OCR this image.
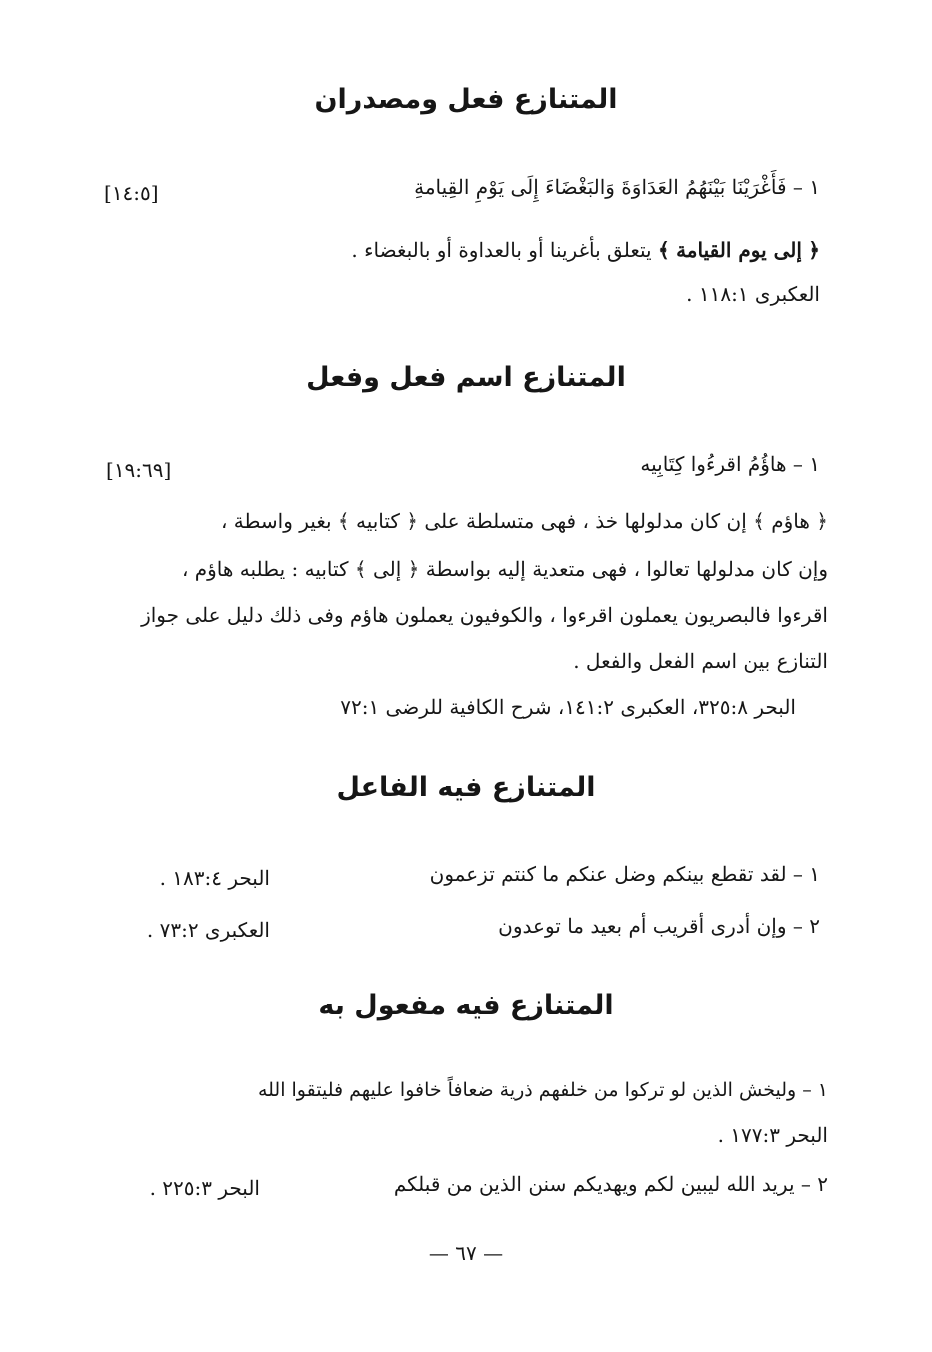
المتنازع فعل ومصدران
١ – فَأَغْرَيْنَا بَيْنَهُمُ العَدَاوَةَ وَالبَغْضَاءَ إِلَى يَوْمِ القِيامةِ
[١٤:٥]
﴿ إلى يوم القيامة ﴾ يتعلق بأغرينا أو بالعداوة أو بالبغضاء .
العكبرى ١١٨:١ .
المتنازع اسم فعل وفعل
١ – هاؤُمُ اقرءُوا كِتَابِيه
[١٩:٦٩]
﴿ هاؤم ﴾ إن كان مدلولها خذ ، فهى متسلطة على ﴿ كتابيه ﴾ بغير واسطة ،
وإن كان مدلولها تعالوا ، فهى متعدية إليه بواسطة ﴿ إلى ﴾ كتابيه : يطلبه هاؤم ،
اقرءوا فالبصريون يعملون اقرءوا ، والكوفيون يعملون هاؤم وفى ذلك دليل على جواز
التنازع بين اسم الفعل والفعل .
البحر ٣٢٥:٨، العكبرى ١٤١:٢، شرح الكافية للرضى ٧٢:١
المتنازع فيه الفاعل
١ – لقد تقطع بينكم وضل عنكم ما كنتم تزعمون
البحر ١٨٣:٤ .
٢ – وإن أدرى أقريب أم بعيد ما توعدون
العكبرى ٧٣:٢ .
المتنازع فيه مفعول به
١ – وليخش الذين لو تركوا من خلفهم ذرية ضعافاً خافوا عليهم فليتقوا الله
البحر ١٧٧:٣ .
٢ – يريد الله ليبين لكم ويهديكم سنن الذين من قبلكم
البحر ٢٢٥:٣ .
— ٦٧ —
